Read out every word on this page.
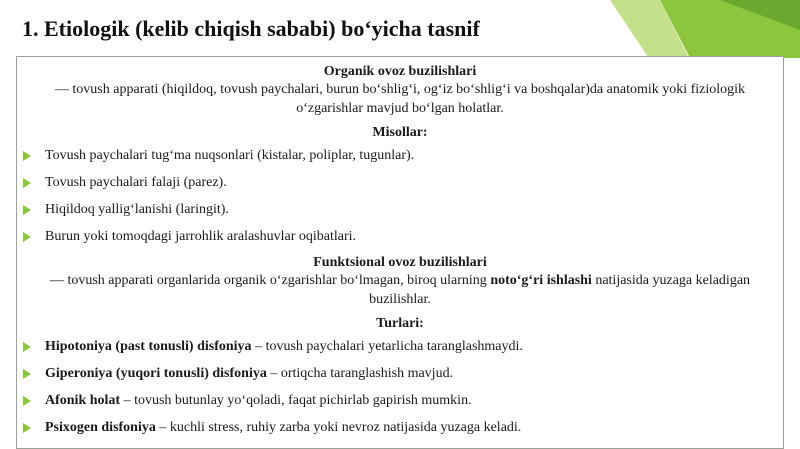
1. Etiologik (kelib chiqish sababi) bo‘yicha tasnif
Organik ovoz buzilishlari
— tovush apparati (hiqildoq, tovush paychalari, burun bo‘shlig‘i, og‘iz bo‘shlig‘i va boshqalar)da anatomik yoki fiziologik o‘zgarishlar mavjud bo‘lgan holatlar.
Misollar:
Tovush paychalari tug‘ma nuqsonlari (kistalar, poliplar, tugunlar).
Tovush paychalari falaji (parez).
Hiqildoq yallig‘lanishi (laringit).
Burun yoki tomoqdagi jarrohlik aralashuvlar oqibatlari.
Funktsional ovoz buzilishlari
— tovush apparati organlarida organik o‘zgarishlar bo‘lmagan, biroq ularning noto‘g‘ri ishlashi natijasida yuzaga keladigan buzilishlar.
Turlari:
Hipotoniya (past tonusli) disfoniya – tovush paychalari yetarlicha taranglashmaydi.
Giperoniya (yuqori tonusli) disfoniya – ortiqcha taranglashish mavjud.
Afonik holat – tovush butunlay yo‘qoladi, faqat pichirlab gapirish mumkin.
Psixogen disfoniya – kuchli stress, ruhiy zarba yoki nevroz natijasida yuzaga keladi.
